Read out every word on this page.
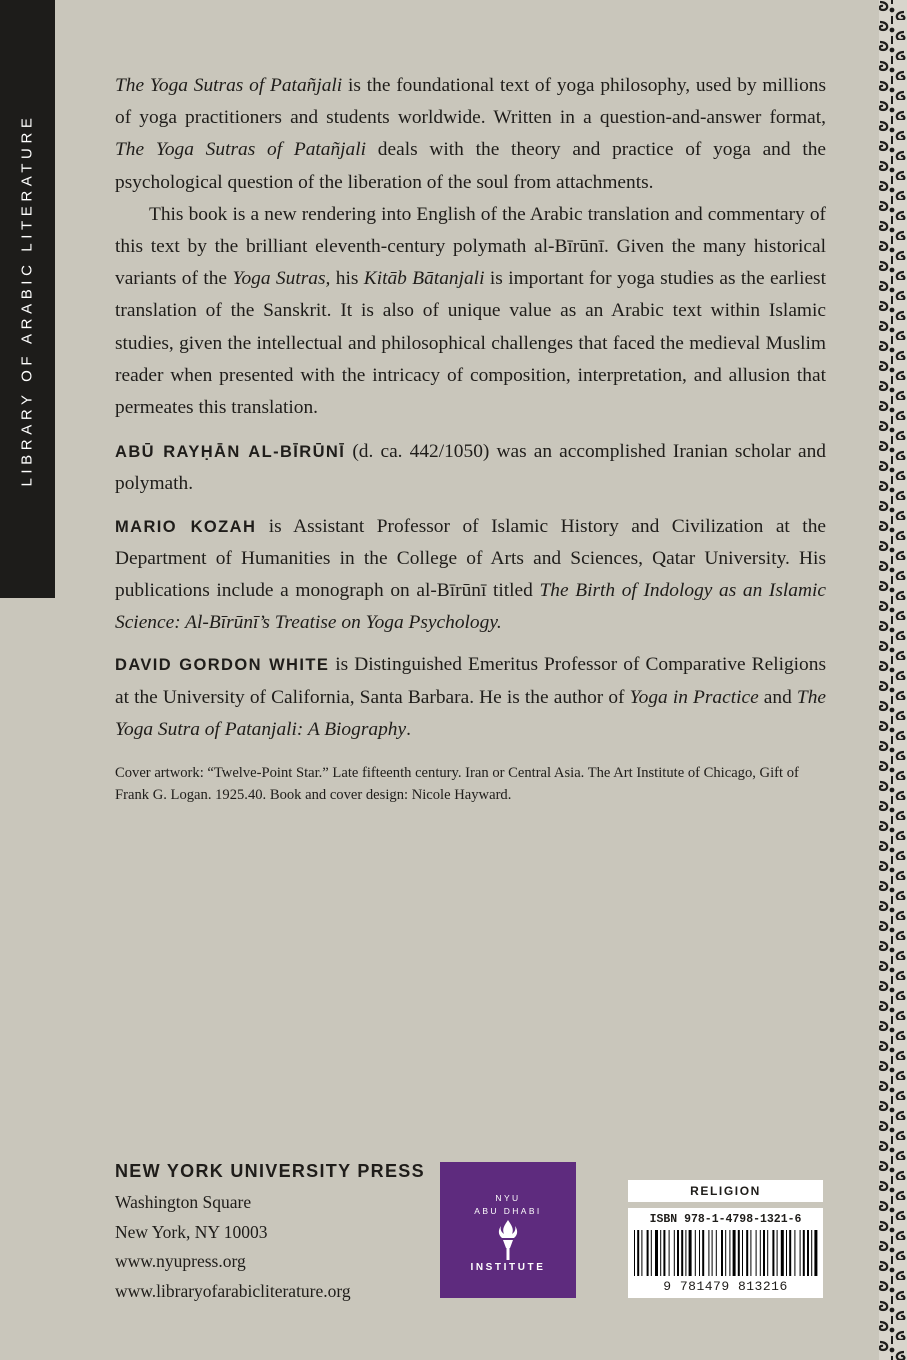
LIBRARY OF ARABIC LITERATURE

The Yoga Sutras of Patañjali is the foundational text of yoga philosophy, used by millions of yoga practitioners and students worldwide. Written in a question-and-answer format, The Yoga Sutras of Patañjali deals with the theory and practice of yoga and the psychological question of the liberation of the soul from attachments.

This book is a new rendering into English of the Arabic translation and commentary of this text by the brilliant eleventh-century polymath al-Bīrūnī. Given the many historical variants of the Yoga Sutras, his Kitāb Bātanjali is important for yoga studies as the earliest translation of the Sanskrit. It is also of unique value as an Arabic text within Islamic studies, given the intellectual and philosophical challenges that faced the medieval Muslim reader when presented with the intricacy of composition, interpretation, and allusion that permeates this translation.

ABŪ RAYḤĀN AL-BĪRŪNĪ (d. ca. 442/1050) was an accomplished Iranian scholar and polymath.

MARIO KOZAH is Assistant Professor of Islamic History and Civilization at the Department of Humanities in the College of Arts and Sciences, Qatar University. His publications include a monograph on al-Bīrūnī titled The Birth of Indology as an Islamic Science: Al-Bīrūnī’s Treatise on Yoga Psychology.

DAVID GORDON WHITE is Distinguished Emeritus Professor of Comparative Religions at the University of California, Santa Barbara. He is the author of Yoga in Practice and The Yoga Sutra of Patanjali: A Biography.

Cover artwork: “Twelve-Point Star.” Late fifteenth century. Iran or Central Asia. The Art Institute of Chicago, Gift of Frank G. Logan. 1925.40. Book and cover design: Nicole Hayward.

NEW YORK UNIVERSITY PRESS
Washington Square
New York, NY 10003
www.nyupress.org
www.libraryofarabicliterature.org
NYU
ABU DHABI
INSTITUTE
RELIGION
ISBN 978-1-4798-1321-6
9 781479 813216
